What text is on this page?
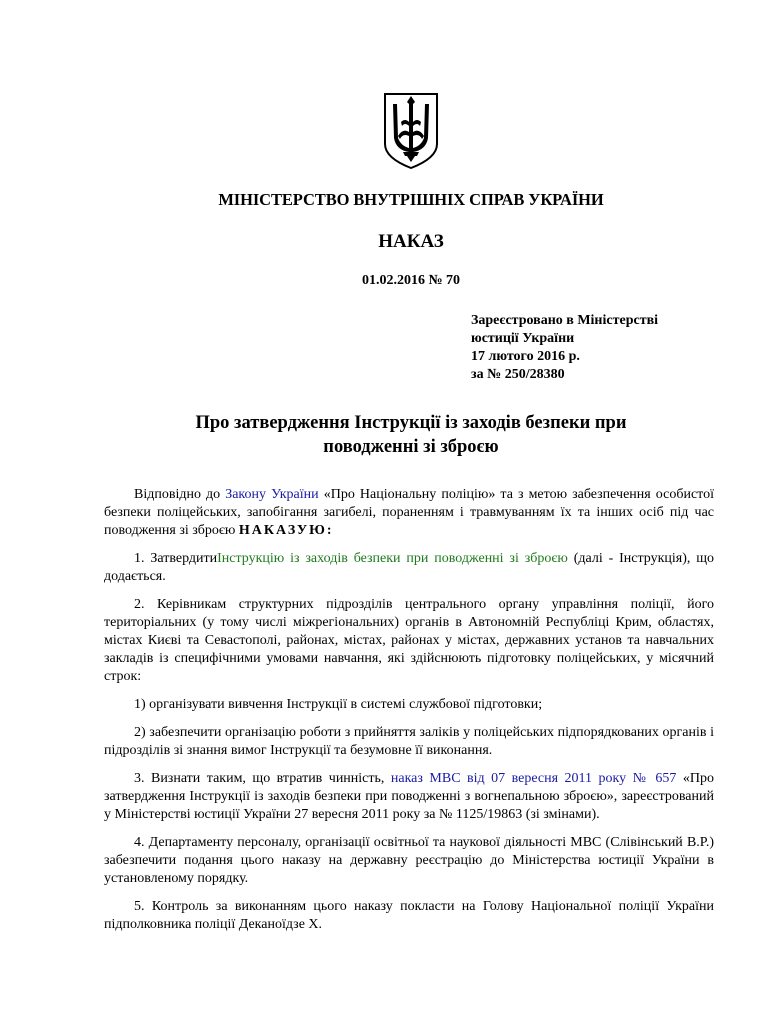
МІНІСТЕРСТВО ВНУТРІШНІХ СПРАВ УКРАЇНИ
НАКАЗ
01.02.2016 № 70
Зареєстровано в Міністерстві
юстиції України
17 лютого 2016 р.
за № 250/28380
Про затвердження Інструкції із заходів безпеки при
поводженні зі зброєю

Відповідно до Закону України «Про Національну поліцію» та з метою забезпечення особистої безпеки поліцейських, запобігання загибелі, пораненням і травмуванням їх та інших осіб під час поводження зі зброєю НАКАЗУЮ:

1. ЗатвердитиІнструкцію із заходів безпеки при поводженні зі зброєю (далі - Інструкція), що додається.

2. Керівникам структурних підрозділів центрального органу управління поліції, його територіальних (у тому числі міжрегіональних) органів в Автономній Республіці Крим, областях, містах Києві та Севастополі, районах, містах, районах у містах, державних установ та навчальних закладів із специфічними умовами навчання, які здійснюють підготовку поліцейських, у місячний строк:

1) організувати вивчення Інструкції в системі службової підготовки;

2) забезпечити організацію роботи з прийняття заліків у поліцейських підпорядкованих органів і підрозділів зі знання вимог Інструкції та безумовне її виконання.

3. Визнати таким, що втратив чинність, наказ МВС від 07 вересня 2011 року № 657 «Про затвердження Інструкції із заходів безпеки при поводженні з вогнепальною зброєю», зареєстрований у Міністерстві юстиції України 27 вересня 2011 року за № 1125/19863 (зі змінами).

4. Департаменту персоналу, організації освітньої та наукової діяльності МВС (Слівінський В.Р.) забезпечити подання цього наказу на державну реєстрацію до Міністерства юстиції України в установленому порядку.

5. Контроль за виконанням цього наказу покласти на Голову Національної поліції України підполковника поліції Деканоїдзе Х.
